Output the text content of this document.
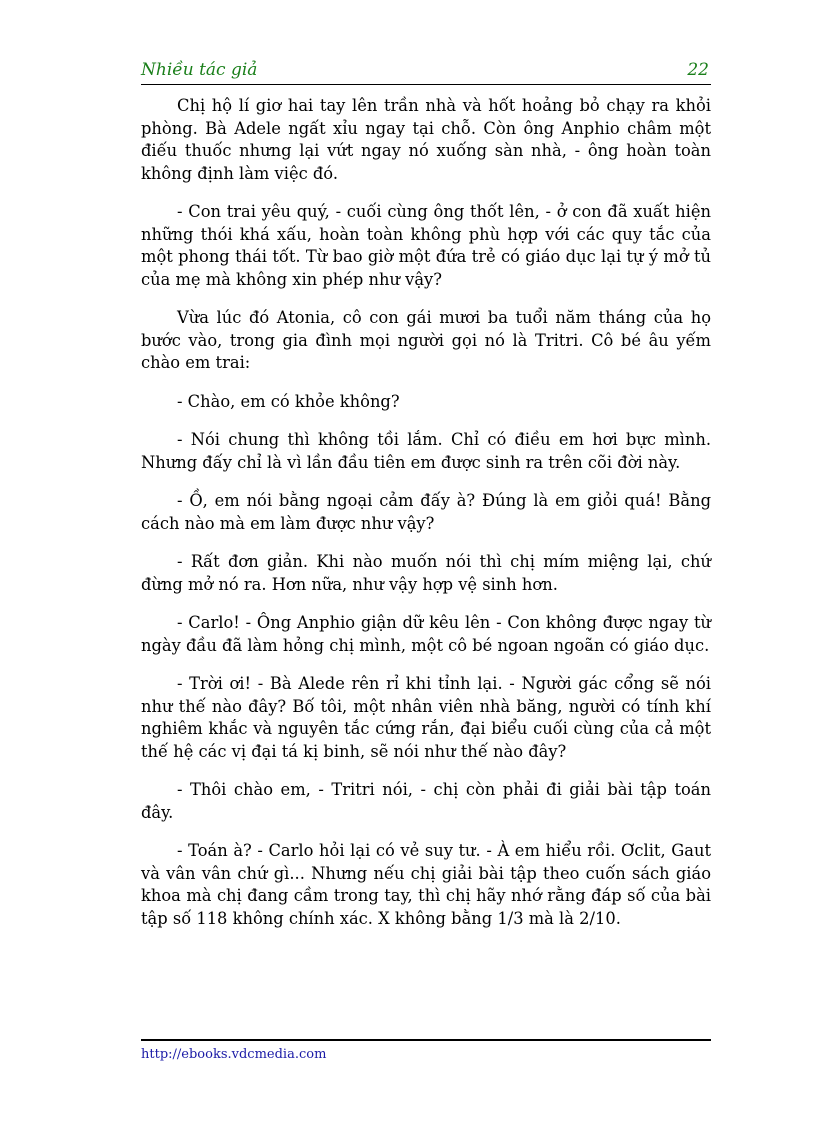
Nhiều tác giả	22

Chị hộ lí giơ hai tay lên trần nhà và hốt hoảng bỏ chạy ra khỏi phòng. Bà Adele ngất xỉu ngay tại chỗ. Còn ông Anphio châm một điếu thuốc nhưng lại vứt ngay nó xuống sàn nhà, - ông hoàn toàn không định làm việc đó.

- Con trai yêu quý, - cuối cùng ông thốt lên, - ở con đã xuất hiện những thói khá xấu, hoàn toàn không phù hợp với các quy tắc của một phong thái tốt. Từ bao giờ một đứa trẻ có giáo dục lại tự ý mở tủ của mẹ mà không xin phép như vậy?

Vừa lúc đó Atonia, cô con gái mươi ba tuổi năm tháng của họ bước vào, trong gia đình mọi người gọi nó là Tritri. Cô bé âu yếm chào em trai:

- Chào, em có khỏe không?

- Nói chung thì không tồi lắm. Chỉ có điều em hơi bực mình. Nhưng đấy chỉ là vì lần đầu tiên em được sinh ra trên cõi đời này.

- Ồ, em nói bằng ngoại cảm đấy à? Đúng là em giỏi quá! Bằng cách nào mà em làm được như vậy?

- Rất đơn giản. Khi nào muốn nói thì chị mím miệng lại, chứ đừng mở nó ra. Hơn nữa, như vậy hợp vệ sinh hơn.

- Carlo! - Ông Anphio giận dữ kêu lên - Con không được ngay từ ngày đầu đã làm hỏng chị mình, một cô bé ngoan ngoãn có giáo dục.

- Trời ơi! - Bà Alede rên rỉ khi tỉnh lại. - Người gác cổng sẽ nói như thế nào đây? Bố tôi, một nhân viên nhà băng, người có tính khí nghiêm khắc và nguyên tắc cứng rắn, đại biểu cuối cùng của cả một thế hệ các vị đại tá kị binh, sẽ nói như thế nào đây?

- Thôi chào em, - Tritri nói, - chị còn phải đi giải bài tập toán đây.

- Toán à? - Carlo hỏi lại có vẻ suy tư. - À em hiểu rồi. Ơclit, Gaut và vân vân chứ gì... Nhưng nếu chị giải bài tập theo cuốn sách giáo khoa mà chị đang cầm trong tay, thì chị hãy nhớ rằng đáp số của bài tập số 118 không chính xác. X không bằng 1/3 mà là 2/10.

http://ebooks.vdcmedia.com
